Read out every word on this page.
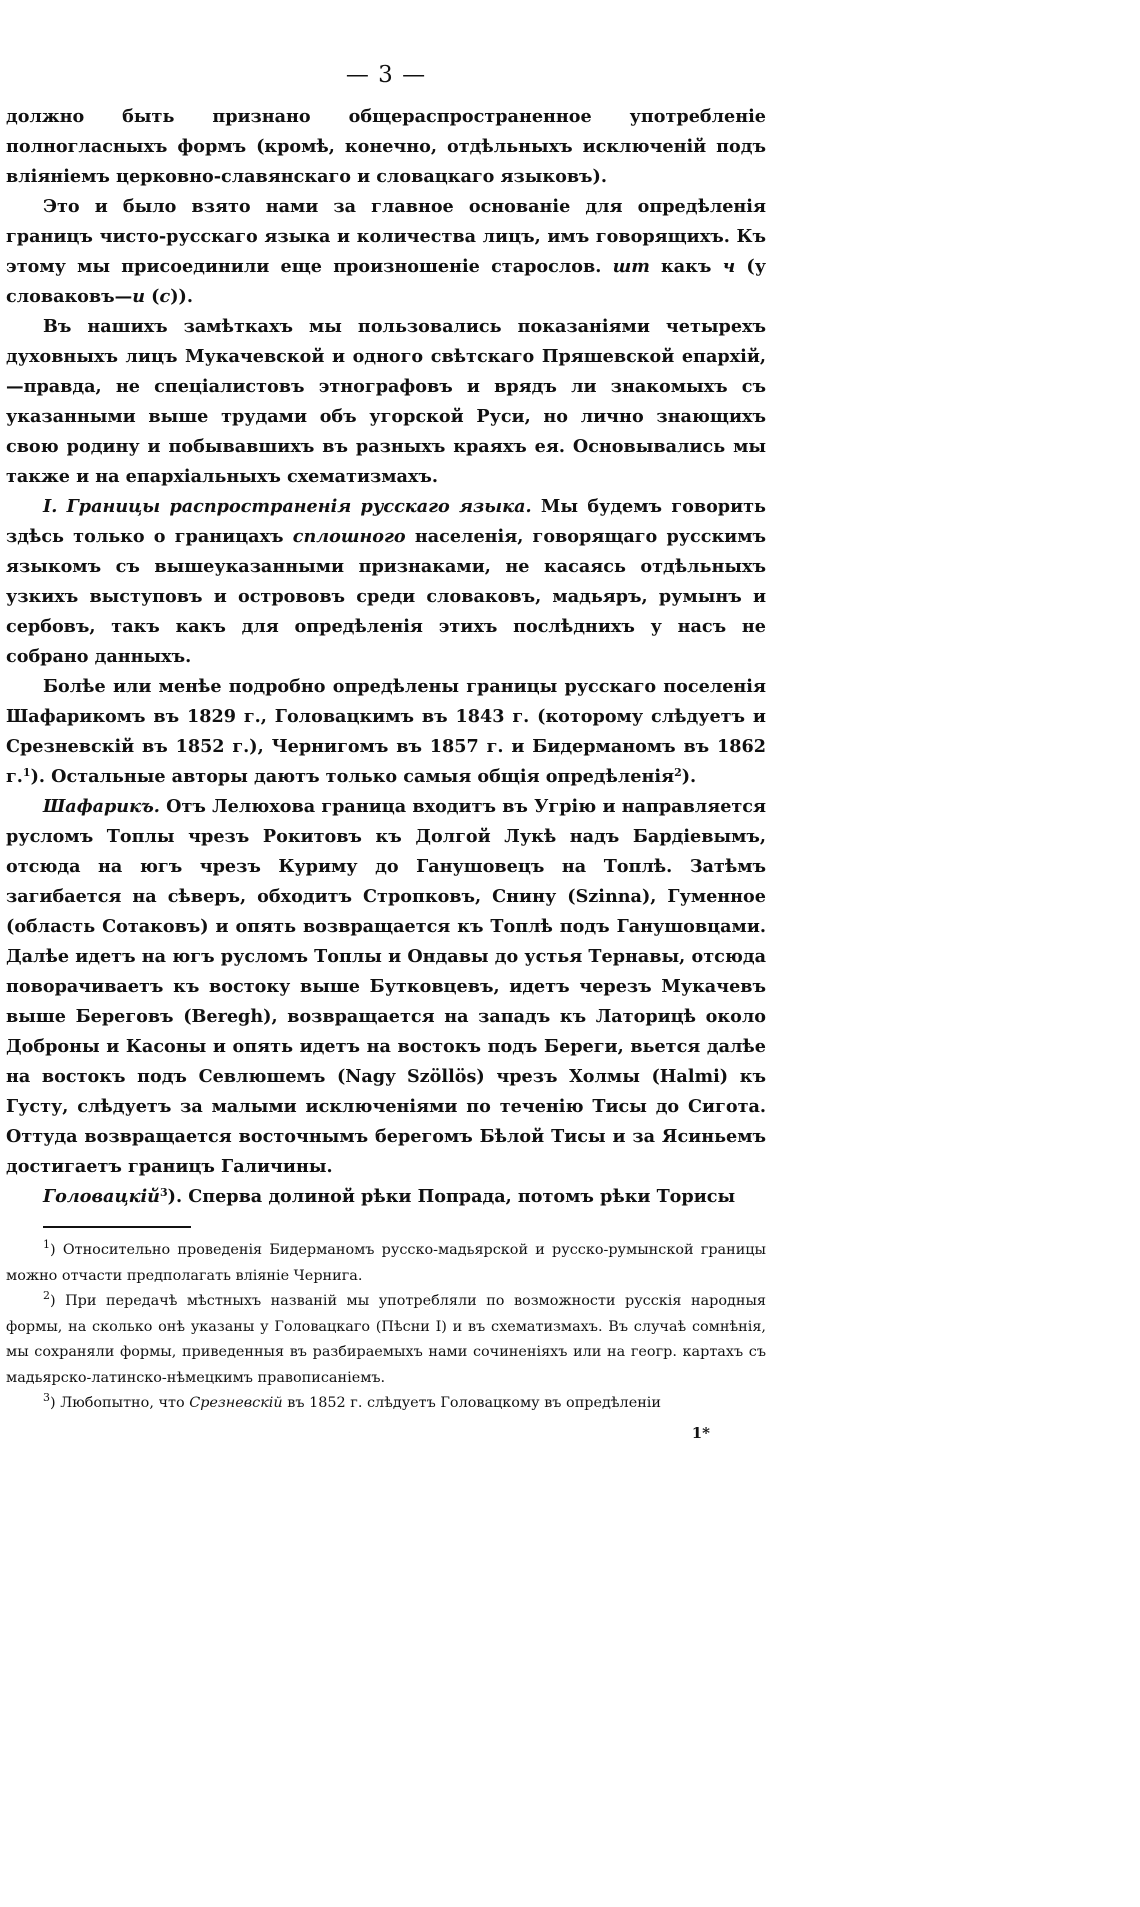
— 3 —

должно быть признано общераспространенное употребленіе полногласныхъ формъ (кромѣ, конечно, отдѣльныхъ исключеній подъ вліяніемъ церковно-славянскаго и словацкаго языковъ).

Это и было взято нами за главное основаніе для опредѣленія границъ чисто-русскаго языка и количества лицъ, имъ говорящихъ. Къ этому мы присоединили еще произношеніе старослов. шт какъ ч (у словаковъ—и (с)).

Въ нашихъ замѣткахъ мы пользовались показаніями четырехъ духовныхъ лицъ Мукачевской и одного свѣтскаго Пряшевской епархій,—правда, не спеціалистовъ этнографовъ и врядъ ли знакомыхъ съ указанными выше трудами объ угорской Руси, но лично знающихъ свою родину и побывавшихъ въ разныхъ краяхъ ея. Основывались мы также и на епархіальныхъ схематизмахъ.

I. Границы распространенія русскаго языка. Мы будемъ говорить здѣсь только о границахъ сплошного населенія, говорящаго русскимъ языкомъ съ вышеуказанными признаками, не касаясь отдѣльныхъ узкихъ выступовъ и острововъ среди словаковъ, мадьяръ, румынъ и сербовъ, такъ какъ для опредѣленія этихъ послѣднихъ у насъ не собрано данныхъ.

Болѣе или менѣе подробно опредѣлены границы русскаго поселенія Шафарикомъ въ 1829 г., Головацкимъ въ 1843 г. (которому слѣдуетъ и Срезневскій въ 1852 г.), Чернигомъ въ 1857 г. и Бидерманомъ въ 1862 г.$^1$). Остальные авторы даютъ только самыя общія опредѣленія$^2$).

Шафарикъ. Отъ Лелюхова граница входитъ въ Угрію и направляется русломъ Топлы чрезъ Рокитовъ къ Долгой Лукѣ надъ Бардіевымъ, отсюда на югъ чрезъ Куриму до Ганушовецъ на Топлѣ. Затѣмъ загибается на сѣверъ, обходитъ Стропковъ, Снину (Szinna), Гуменное (область Сотаковъ) и опять возвращается къ Топлѣ подъ Ганушовцами. Далѣе идетъ на югъ русломъ Топлы и Ондавы до устья Тернавы, отсюда поворачиваетъ къ востоку выше Бутковцевъ, идетъ черезъ Мукачевъ выше Береговъ (Beregh), возвращается на западъ къ Латорицѣ около Доброны и Касоны и опять идетъ на востокъ подъ Береги, вьется далѣе на востокъ подъ Севлюшемъ (Nagy Szöllös) чрезъ Холмы (Halmi) къ Густу, слѣдуетъ за малыми исключеніями по теченію Тисы до Сигота. Оттуда возвращается восточнымъ берегомъ Бѣлой Тисы и за Ясиньемъ достигаетъ границъ Галичины.

Головацкій$^3$). Сперва долиной рѣки Попрада, потомъ рѣки Торисы

$^1$) Относительно проведенія Бидерманомъ русско-мадьярской и русско-румынской границы можно отчасти предполагать вліяніе Чернига.

$^2$) При передачѣ мѣстныхъ названій мы употребляли по возможности русскія народныя формы, на сколько онѣ указаны у Головацкаго (Пѣсни I) и въ схематизмахъ. Въ случаѣ сомнѣнія, мы сохраняли формы, приведенныя въ разбираемыхъ нами сочиненіяхъ или на геогр. картахъ съ мадьярско-латинско-нѣмецкимъ правописаніемъ.

$^3$) Любопытно, что Срезневскій въ 1852 г. слѣдуетъ Головацкому въ опредѣленіи

1*
